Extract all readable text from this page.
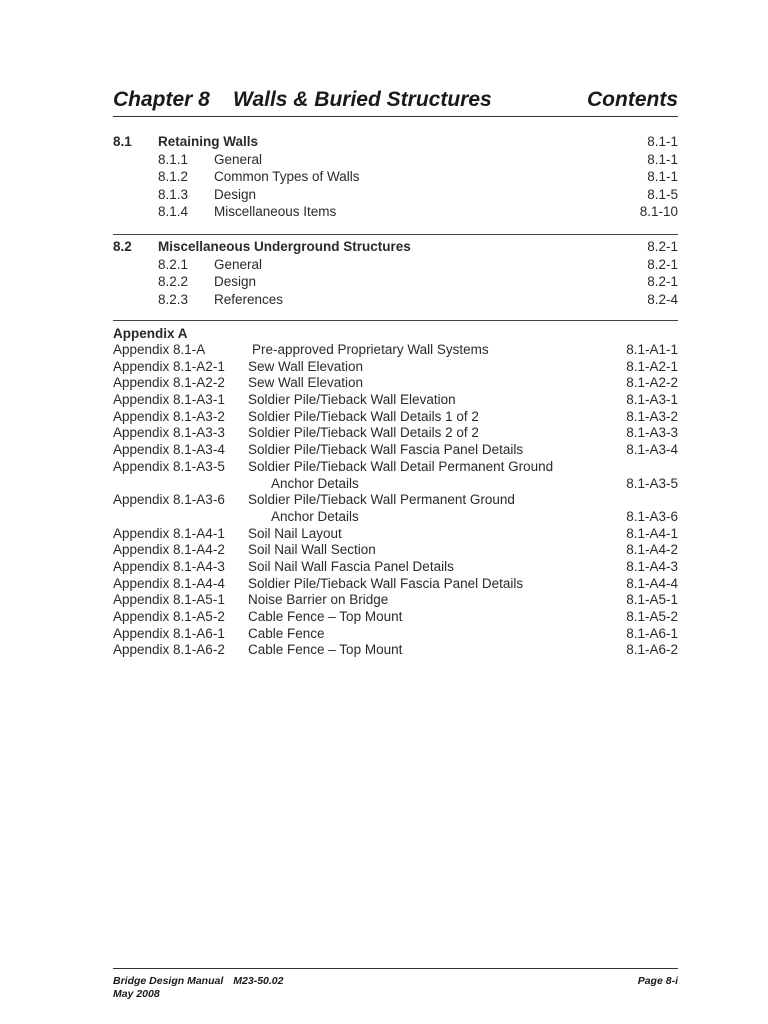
Chapter 8 Walls & Buried Structures	Contents
8.1 Retaining Walls	8.1-1
8.1.1 General	8.1-1
8.1.2 Common Types of Walls	8.1-1
8.1.3 Design	8.1-5
8.1.4 Miscellaneous Items	8.1-10
8.2 Miscellaneous Underground Structures	8.2-1
8.2.1 General	8.2-1
8.2.2 Design	8.2-1
8.2.3 References	8.2-4
Appendix A
Appendix 8.1-A	Pre-approved Proprietary Wall Systems	8.1-A1-1
Appendix 8.1-A2-1 Sew Wall Elevation	8.1-A2-1
Appendix 8.1-A2-2 Sew Wall Elevation	8.1-A2-2
Appendix 8.1-A3-1 Soldier Pile/Tieback Wall Elevation	8.1-A3-1
Appendix 8.1-A3-2 Soldier Pile/Tieback Wall Details 1 of 2	8.1-A3-2
Appendix 8.1-A3-3 Soldier Pile/Tieback Wall Details 2 of 2	8.1-A3-3
Appendix 8.1-A3-4 Soldier Pile/Tieback Wall Fascia Panel Details	8.1-A3-4
Appendix 8.1-A3-5 Soldier Pile/Tieback Wall Detail Permanent Ground
Anchor Details	8.1-A3-5
Appendix 8.1-A3-6 Soldier Pile/Tieback Wall Permanent Ground
Anchor Details	8.1-A3-6
Appendix 8.1-A4-1 Soil Nail Layout	8.1-A4-1
Appendix 8.1-A4-2 Soil Nail Wall Section	8.1-A4-2
Appendix 8.1-A4-3 Soil Nail Wall Fascia Panel Details	8.1-A4-3
Appendix 8.1-A4-4 Soldier Pile/Tieback Wall Fascia Panel Details	8.1-A4-4
Appendix 8.1-A5-1 Noise Barrier on Bridge	8.1-A5-1
Appendix 8.1-A5-2 Cable Fence – Top Mount	8.1-A5-2
Appendix 8.1-A6-1 Cable Fence	8.1-A6-1
Appendix 8.1-A6-2 Cable Fence – Top Mount	8.1-A6-2
Bridge Design Manual M23-50.02
May 2008
Page 8-i
